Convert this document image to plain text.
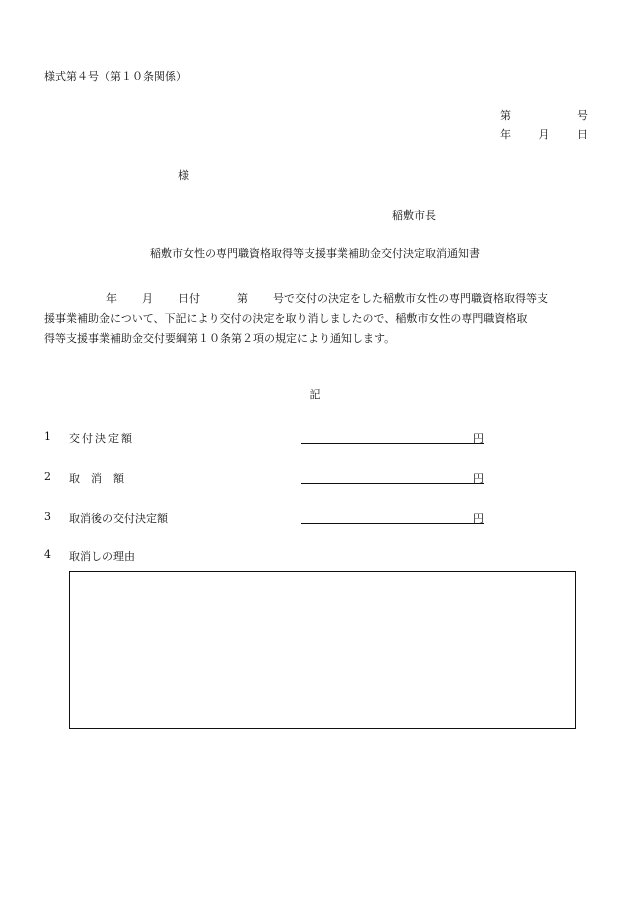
様式第４号（第１０条関係）
第	号
年	月	日
様
稲敷市長
稲敷市女性の専門職資格取得等支援事業補助金交付決定取消通知書

年 月 日付	第 号で交付の決定をした稲敷市女性の専門職資格取得等支

援事業補助金について、下記により交付の決定を取り消しましたので、稲敷市女性の専門職資格取

得等支援事業補助金交付要綱第１０条第２項の規定により通知します。

記
1 交付決定額	円
2 取　消　額	円
3 取消後の交付決定額	円
4 取消しの理由
